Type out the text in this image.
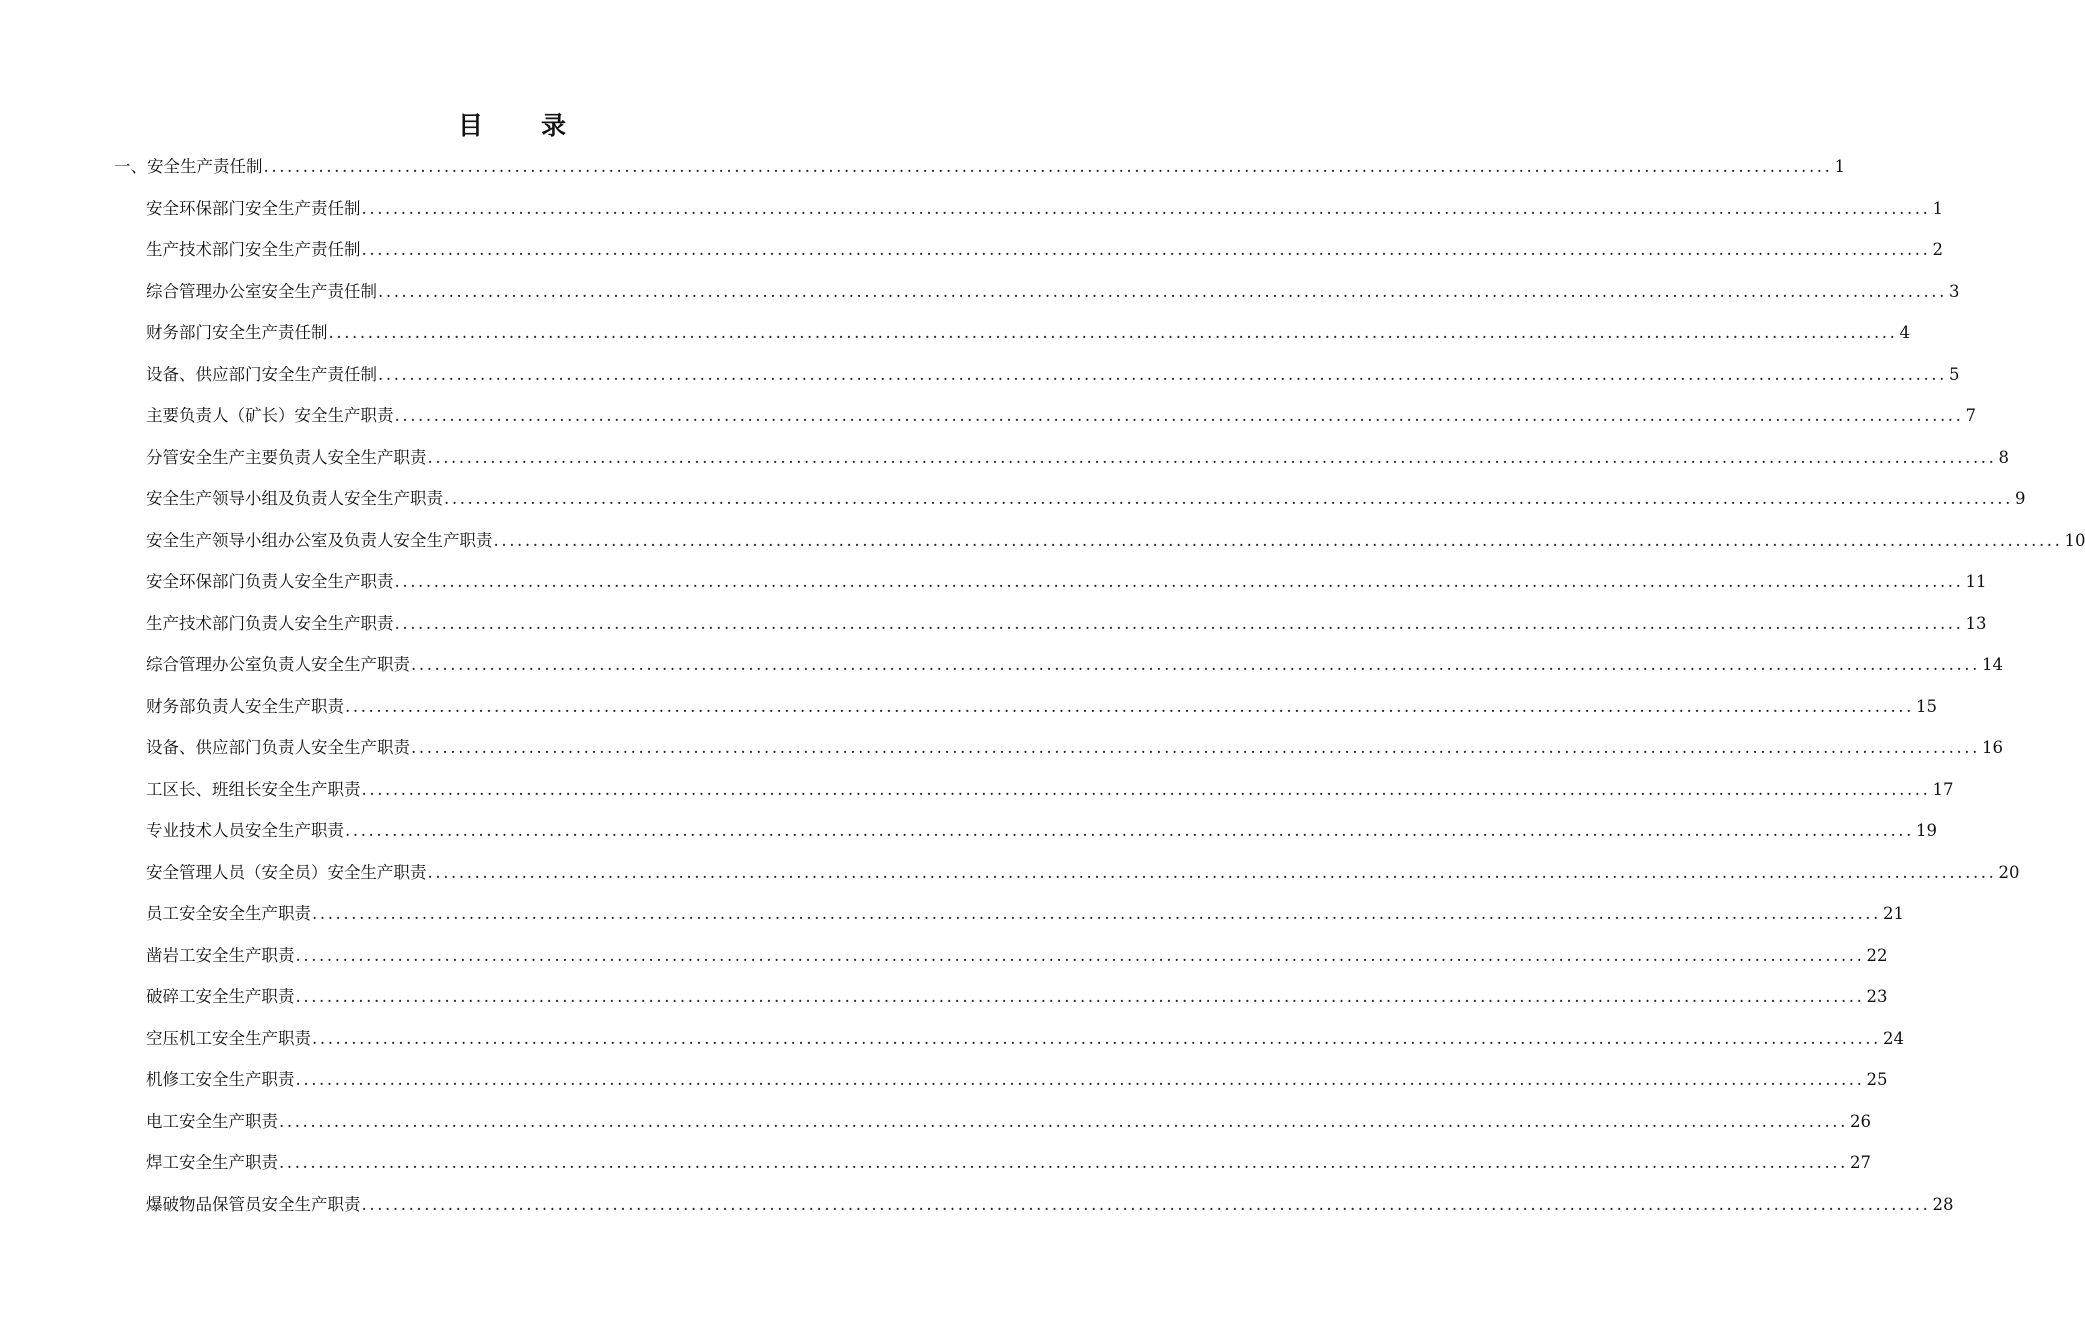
目 录
一、安全生产责任制 ........................................................................................................................................................................................................ 1
安全环保部门安全生产责任制 ........................................................................................................................................................................................................ 1
生产技术部门安全生产责任制 ........................................................................................................................................................................................................ 2
综合管理办公室安全生产责任制 ........................................................................................................................................................................................................ 3
财务部门安全生产责任制 ........................................................................................................................................................................................................ 4
设备、供应部门安全生产责任制 ........................................................................................................................................................................................................ 5
主要负责人（矿长）安全生产职责 ........................................................................................................................................................................................................ 7
分管安全生产主要负责人安全生产职责 ........................................................................................................................................................................................................ 8
安全生产领导小组及负责人安全生产职责 ........................................................................................................................................................................................................ 9
安全生产领导小组办公室及负责人安全生产职责 ........................................................................................................................................................................................................ 10
安全环保部门负责人安全生产职责 ........................................................................................................................................................................................................ 11
生产技术部门负责人安全生产职责 ........................................................................................................................................................................................................ 13
综合管理办公室负责人安全生产职责 ........................................................................................................................................................................................................ 14
财务部负责人安全生产职责 ........................................................................................................................................................................................................ 15
设备、供应部门负责人安全生产职责 ........................................................................................................................................................................................................ 16
工区长、班组长安全生产职责 ........................................................................................................................................................................................................ 17
专业技术人员安全生产职责 ........................................................................................................................................................................................................ 19
安全管理人员（安全员）安全生产职责 ........................................................................................................................................................................................................ 20
员工安全安全生产职责 ........................................................................................................................................................................................................ 21
凿岩工安全生产职责 ........................................................................................................................................................................................................ 22
破碎工安全生产职责 ........................................................................................................................................................................................................ 23
空压机工安全生产职责 ........................................................................................................................................................................................................ 24
机修工安全生产职责 ........................................................................................................................................................................................................ 25
电工安全生产职责 ........................................................................................................................................................................................................ 26
焊工安全生产职责 ........................................................................................................................................................................................................ 27
爆破物品保管员安全生产职责 ........................................................................................................................................................................................................ 28
